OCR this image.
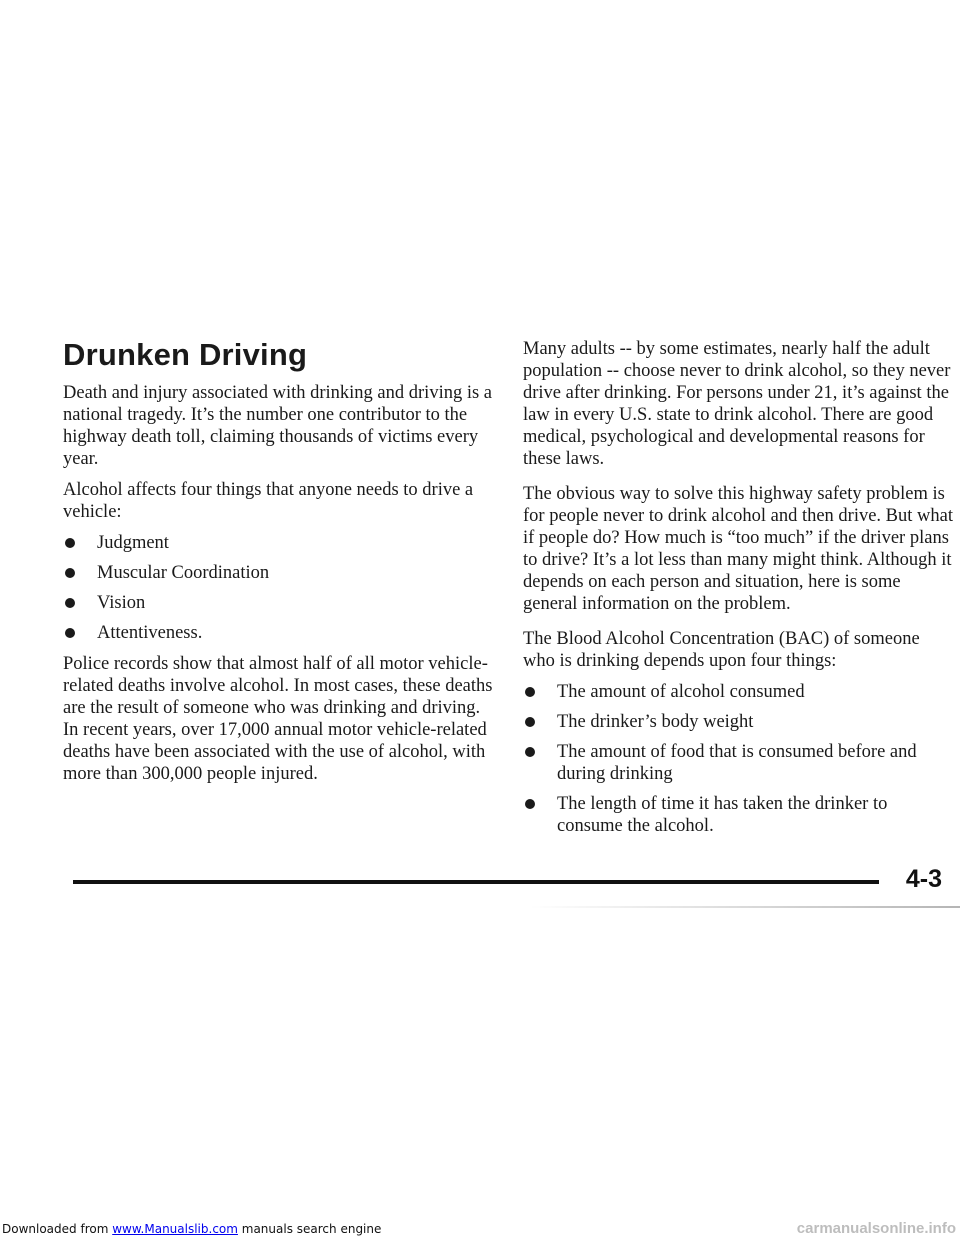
Drunken Driving

Death and injury associated with drinking and driving is a national tragedy. It’s the number one contributor to the highway death toll, claiming thousands of victims every year.

Alcohol affects four things that anyone needs to drive a vehicle:

Judgment
Muscular Coordination
Vision
Attentiveness.

Police records show that almost half of all motor vehicle-related deaths involve alcohol. In most cases, these deaths are the result of someone who was drinking and driving. In recent years, over 17,000 annual motor vehicle-related deaths have been associated with the use of alcohol, with more than 300,000 people injured.

Many adults -- by some estimates, nearly half the adult population -- choose never to drink alcohol, so they never drive after drinking. For persons under 21, it’s against the law in every U.S. state to drink alcohol. There are good medical, psychological and developmental reasons for these laws.

The obvious way to solve this highway safety problem is for people never to drink alcohol and then drive. But what if people do? How much is “too much” if the driver plans to drive? It’s a lot less than many might think. Although it depends on each person and situation, here is some general information on the problem.

The Blood Alcohol Concentration (BAC) of someone who is drinking depends upon four things:

The amount of alcohol consumed
The drinker’s body weight
The amount of food that is consumed before and during drinking
The length of time it has taken the drinker to consume the alcohol.
4-3
Downloaded from www.Manualslib.com manuals search engine	carmanualsonline.info
